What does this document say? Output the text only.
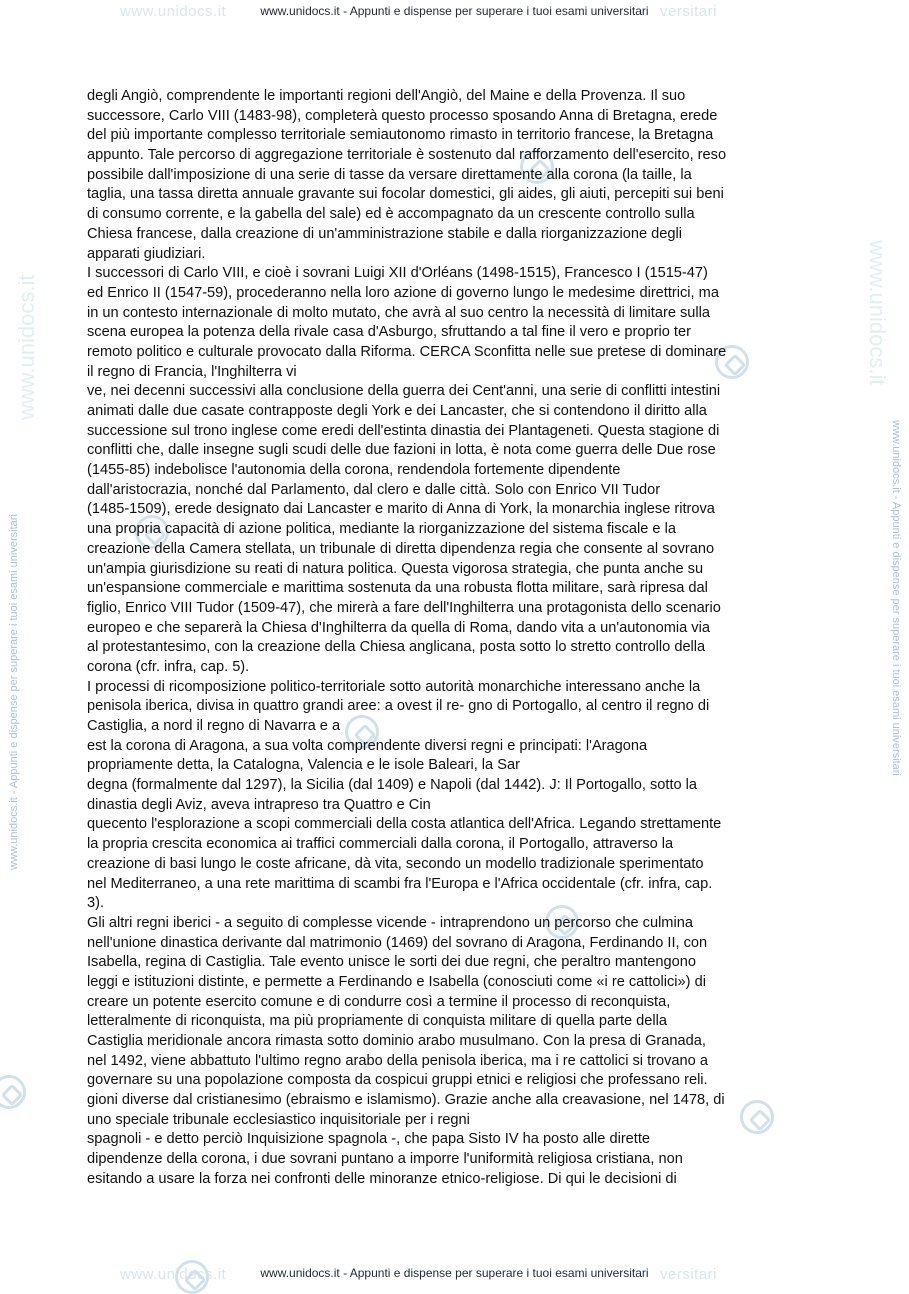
www.unidocs.it	versitari
www.unidocs.it	versitari
www.unidocs.it	www.unidocs.it
www.unidocs.it - Appunti e dispense per superare i tuoi esami universitari
www.unidocs.it - Appunti e dispense per superare i tuoi esami universitari	www.unidocs.it - Appunti e dispense per superare i tuoi esami universitari
degli Angiò, comprendente le importanti regioni dell'Angiò, del Maine e della Provenza. Il suo
successore, Carlo VIII (1483-98), completerà questo processo sposando Anna di Bretagna, erede
del più importante complesso territoriale semiautonomo rimasto in territorio francese, la Bretagna
appunto. Tale percorso di aggregazione territoriale è sostenuto dal rafforzamento dell'esercito, reso
possibile dall'imposizione di una serie di tasse da versare direttamente alla corona (la taille, la
taglia, una tassa diretta annuale gravante sui focolar domestici, gli aides, gli aiuti, percepiti sui beni
di consumo corrente, e la gabella del sale) ed è accompagnato da un crescente controllo sulla
Chiesa francese, dalla creazione di un'amministrazione stabile e dalla riorganizzazione degli
apparati giudiziari.
I successori di Carlo VIII, e cioè i sovrani Luigi XII d'Orléans (1498-1515), Francesco I (1515-47)
ed Enrico II (1547-59), procederanno nella loro azione di governo lungo le medesime direttrici, ma
in un contesto internazionale di molto mutato, che avrà al suo centro la necessità di limitare sulla
scena europea la potenza della rivale casa d'Asburgo, sfruttando a tal fine il vero e proprio ter
remoto politico e culturale provocato dalla Riforma. CERCA Sconfitta nelle sue pretese di dominare
il regno di Francia, l'Inghilterra vi
ve, nei decenni successivi alla conclusione della guerra dei Cent'anni, una serie di conflitti intestini
animati dalle due casate contrapposte degli York e dei Lancaster, che si contendono il diritto alla
successione sul trono inglese come eredi dell'estinta dinastia dei Plantageneti. Questa stagione di
conflitti che, dalle insegne sugli scudi delle due fazioni in lotta, è nota come guerra delle Due rose
(1455-85) indebolisce l'autonomia della corona, rendendola fortemente dipendente
dall'aristocrazia, nonché dal Parlamento, dal clero e dalle città. Solo con Enrico VII Tudor
(1485-1509), erede designato dai Lancaster e marito di Anna di York, la monarchia inglese ritrova
una propria capacità di azione politica, mediante la riorganizzazione del sistema fiscale e la
creazione della Camera stellata, un tribunale di diretta dipendenza regia che consente al sovrano
un'ampia giurisdizione su reati di natura politica. Questa vigorosa strategia, che punta anche su
un'espansione commerciale e marittima sostenuta da una robusta flotta militare, sarà ripresa dal
figlio, Enrico VIII Tudor (1509-47), che mirerà a fare dell'Inghilterra una protagonista dello scenario
europeo e che separerà la Chiesa d'Inghilterra da quella di Roma, dando vita a un'autonomia via
al protestantesimo, con la creazione della Chiesa anglicana, posta sotto lo stretto controllo della
corona (cfr. infra, cap. 5).
I processi di ricomposizione politico-territoriale sotto autorità monarchiche interessano anche la
penisola iberica, divisa in quattro grandi aree: a ovest il re- gno di Portogallo, al centro il regno di
Castiglia, a nord il regno di Navarra e a
est la corona di Aragona, a sua volta comprendente diversi regni e principati: l'Aragona
propriamente detta, la Catalogna, Valencia e le isole Baleari, la Sar
degna (formalmente dal 1297), la Sicilia (dal 1409) e Napoli (dal 1442). J: Il Portogallo, sotto la
dinastia degli Aviz, aveva intrapreso tra Quattro e Cin
quecento l'esplorazione a scopi commerciali della costa atlantica dell'Africa. Legando strettamente
la propria crescita economica ai traffici commerciali dalla corona, il Portogallo, attraverso la
creazione di basi lungo le coste africane, dà vita, secondo un modello tradizionale sperimentato
nel Mediterraneo, a una rete marittima di scambi fra l'Europa e l'Africa occidentale (cfr. infra, cap.
3).
Gli altri regni iberici - a seguito di complesse vicende - intraprendono un percorso che culmina
nell'unione dinastica derivante dal matrimonio (1469) del sovrano di Aragona, Ferdinando II, con
Isabella, regina di Castiglia. Tale evento unisce le sorti dei due regni, che peraltro mantengono
leggi e istituzioni distinte, e permette a Ferdinando e Isabella (conosciuti come «i re cattolici») di
creare un potente esercito comune e di condurre così a termine il processo di reconquista,
letteralmente di riconquista, ma più propriamente di conquista militare di quella parte della
Castiglia meridionale ancora rimasta sotto dominio arabo musulmano. Con la presa di Granada,
nel 1492, viene abbattuto l'ultimo regno arabo della penisola iberica, ma i re cattolici si trovano a
governare su una popolazione composta da cospicui gruppi etnici e religiosi che professano reli.
gioni diverse dal cristianesimo (ebraismo e islamismo). Grazie anche alla creavasione, nel 1478, di
uno speciale tribunale ecclesiastico inquisitoriale per i regni
spagnoli - e detto perciò Inquisizione spagnola -, che papa Sisto IV ha posto alle dirette
dipendenze della corona, i due sovrani puntano a imporre l'uniformità religiosa cristiana, non
esitando a usare la forza nei confronti delle minoranze etnico-religiose. Di qui le decisioni di
www.unidocs.it - Appunti e dispense per superare i tuoi esami universitari
